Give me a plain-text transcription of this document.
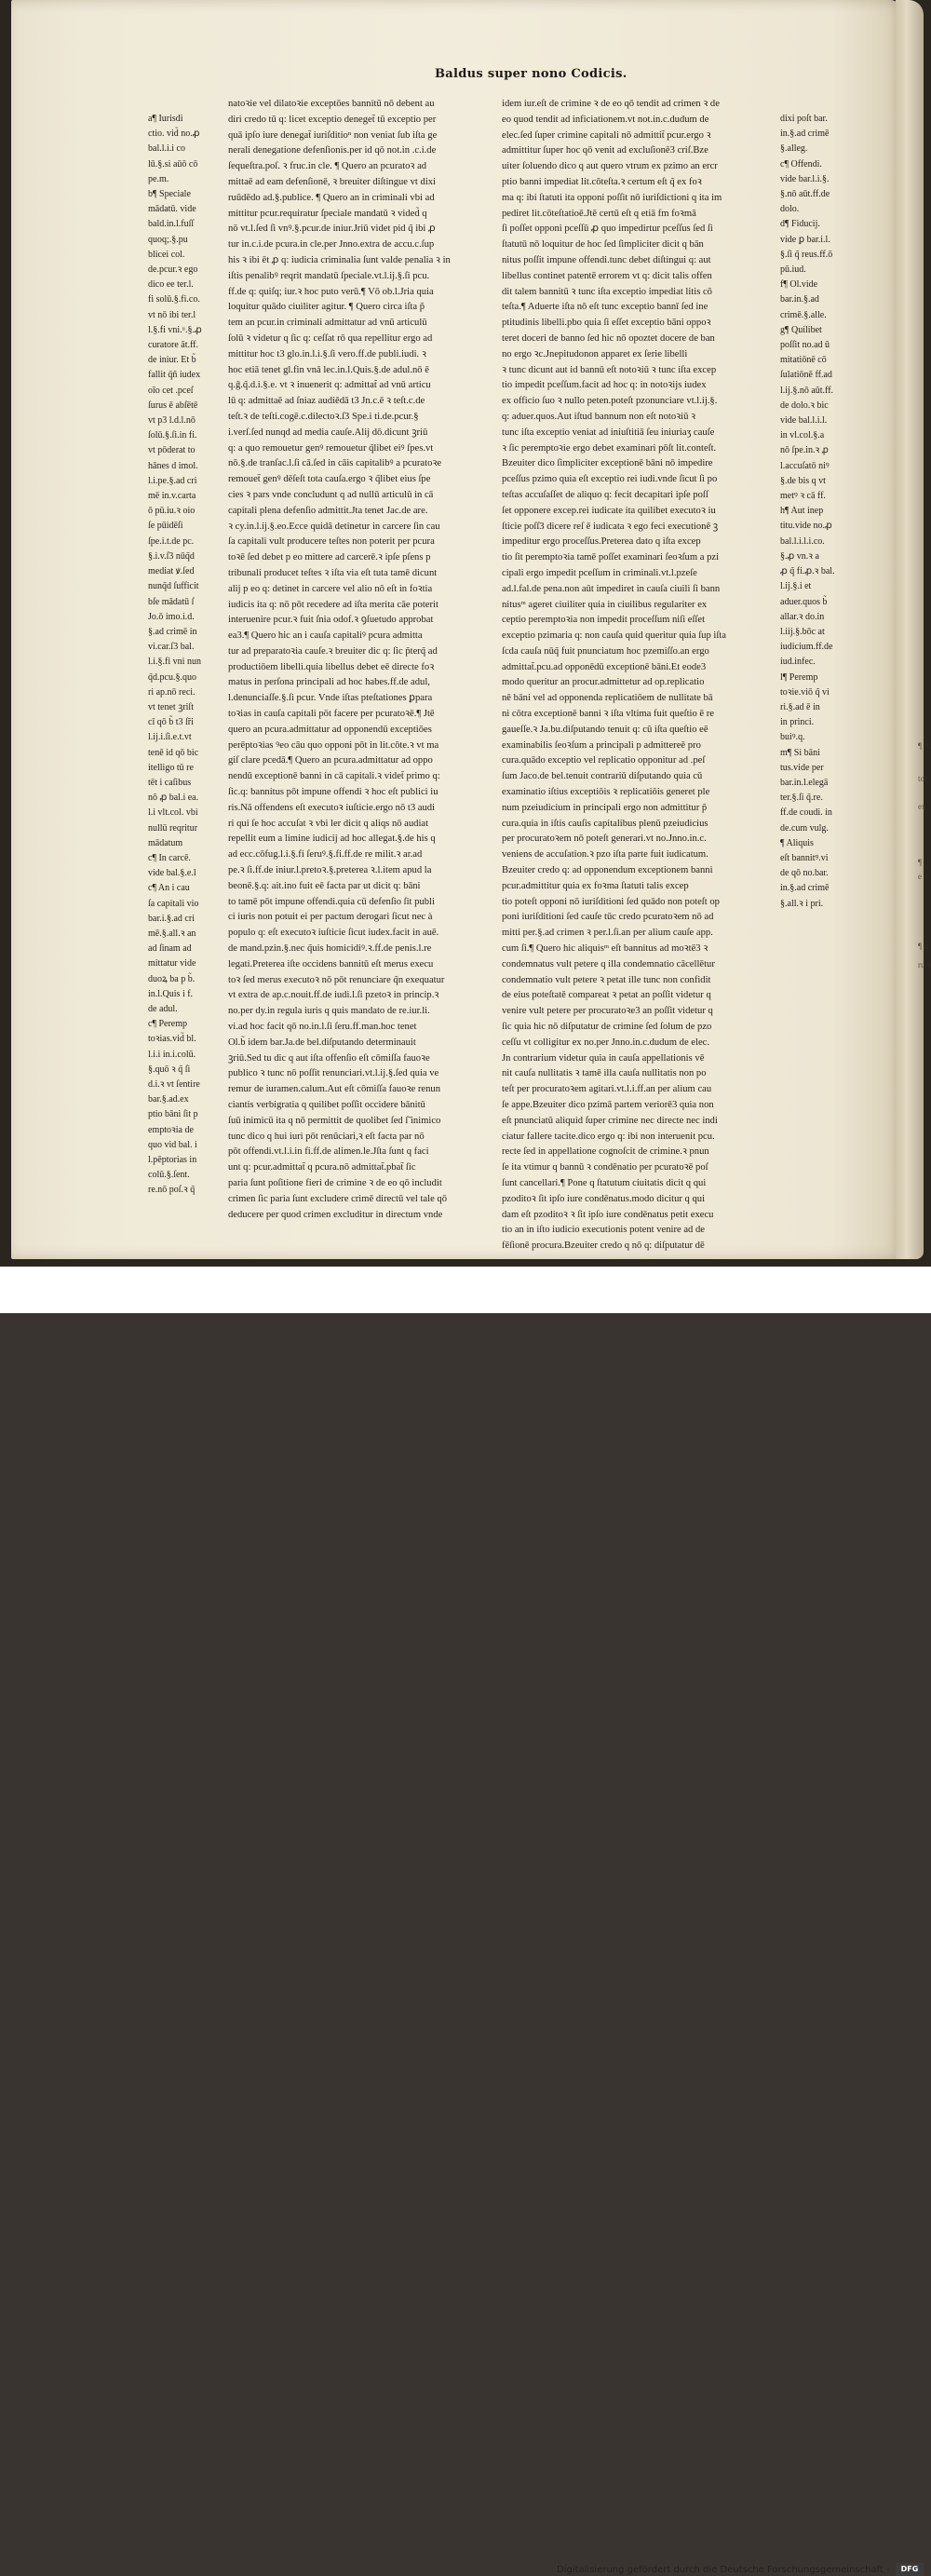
Baldus super nono Codicis.

a¶ Iurisdi

ctio. vid̃ no.ꝓ

bal.l.i.i co

lū.§.si aūō cō

pe.m.

b¶ Speciale

mādatū. vide

bald.in.l.fuſſ

quoq;.§.pu

blicei col.

de.pcur.ꝛ ego

dico ee ter.l.

fi solū.§.fi.co.

vt nō ibi ter.l

l.§.fi vni.ᵘ.§.ꝓ

curatore āt.ff.

de iniur. Et b̃

fallit q̄ñ iudex

oīo cet .pceſ

ſurus ē abſētē

vt p3 l.d.l.nō

ſolū.§.ſi.in fi.

vt pōderat to

hānes d imol.

l.i.pe.§.ad cri

mē in.v.carta

ō pū.iu.ꝛ oio

ſe pūidēſi

ſpe.i.t.de pc.

§.i.v.ſ3 nūq̃d

mediat ꝟ.ſed

nunq̃d ſufficit

bſe mādatū ſ

Jo.ō imo.i.d.

§.ad crimē in

vi.car.ſ3 bal.

l.i.§.fi vni nun

q̃d.pcu.§.quo

ri ap.nō reci.

vt tenet ꝫriſt

cī qō b̃ t3 ſ̃ri

l.ij.i.ſi.e.t.vt

tenē id qō bic

itelligo tū re

tēt i caſibus

nō ꝓ bal.i ea.

l.i vlt.col. vbi

nullū reqritur

mādatum

c¶ In carcē.

vide bal.§.e.l

c¶ An i cau

ſa capitali vio

bar.i.§.ad cri

mē.§.all.ꝛ an

ad ſinam ad

mittatur vide

duoꝝ ba p b̃.

in.l.Quis i f.

de adul.

c¶ Peremp

toꝛias.vid̃ bl.

l.i.i in.i.colū.

§.quō ꝛ q̃ ſi

d.i.ꝛ vt ſentire

bar.§.ad.ex

ptio bāni ſit p

emptoꝛia de

quo vid bal. i

l.pēptorias in

colū.§.ſent.

re.nō poſ.ꝛ q̃

natoꝛie vel dilatoꝛie exceptōes bannitū nō debent au

diri credo tū q: licet exceptio deneget̃ tū exceptio per

quā ipſo iure denegat̃ iuriſditioⁿ non veniat ſub iſta ge

nerali denegatione defenſionis.per id qō not.in .c.i.de

ſequeſtra.poſ. ꝛ fruc.in cle. ¶ Quero an pcuratoꝛ ad

mittaē ad eam defenſionē, ꝛ breuiter diſtingue vt dixi

ruūdēdo ad.§.publice. ¶ Quero an in criminali vbi ad

mittitur pcur.requiratur ſpeciale mandatū ꝛ vided̃ q

nō vt.l.ſed ſi vnꝰ.§.pcur.de iniur.Jriū videt pid q̃ ibi ꝓ

tur in.c.i.de pcura.in cle.per Jnno.extra de accu.c.ſup

his ꝛ ibi ēt ꝓ q: iudicia criminalia ſunt valde penalia ꝛ in

iſtis penalibꝰ reqrit mandatū ſpeciale.vt.l.ij.§.ſi pcu.

ff.de q: quiſq; iur.ꝛ hoc puto verū.¶ Vō ob.l.Jria quia

loquitur quādo ciuiliter agitur. ¶ Quero circa iſta p̃

tem an pcur.in criminali admittatur ad vnū articulū

ſolū ꝛ videtur q ſic q: ceſſat rō qua repellitur ergo ad

mittitur hoc t3 glo.in.l.i.§.ſi vero.ff.de publi.iudi. ꝛ

hoc etiā tenet gl.fin vnā lec.in.l.Quis.§.de adul.nō ē

q.ḡ.q̃.d.i.§.e. vt ꝛ inuenerit q: admittat̃ ad vnū articu

lū q: admittaē ad ſniaz audiēdā t3 Jn.c.ē ꝛ teſt.c.de

teſt.ꝛ de teſti.cogē.c.dilectoꝛ.ſ3 Spe.i ti.de.pcur.§

i.verſ.ſed nunqd ad media cauſe.Alij dō.dicunt ꝫriū

q: a quo remouetur genꝰ remouetur q̃libet eiꝰ ſpes.vt

nō.§.de tranſac.l.ſi cā.ſed in cāis capitalibꝰ a pcuratoꝛe

remouet̃ genꝰ dēſeſt tota cauſa.ergo ꝛ q̃libet eius ſpe

cies ꝛ pars vnde concludunt q ad nullū articulū in cā

capitali plena defenſio admittit.Jta tenet Jac.de are.

ꝛ cy.in.l.ij.§.eo.Ecce quidā detinetur in carcere ſin cau

ſa capitali vult producere teſtes non poterit per pcura

toꝛē ſed debet p eo mittere ad carcerē.ꝛ ipſe pſens p

tribunali producet teſtes ꝛ iſta via eſt tuta tamē dicunt

alij p eo q: detinet in carcere vel alio nō eſt in foꝛtia

iudicis ita q: nō pōt recedere ad iſta merita cāe poterit

interuenire pcur.ꝛ fuit ſnia odof.ꝛ ꝯſuetudo approbat

ea3.¶ Quero hic an i cauſa capitaliꝰ pcura admitta

tur ad preparatoꝛia cauſe.ꝛ breuiter dic q: ſic p̃terq̃ ad

productiōem libelli.quia libellus debet eē directe foꝛ

matus in perſona principali ad hoc habes.ff.de adul,

l.denunciaſſe.§.ſi pcur. Vnde iſtas pteſtationes ꝑpara

toꝛias in cauſa capitali pōt facere per pcuratoꝛē.¶ Jtē

quero an pcura.admittatur ad opponendū exceptiōes

perēptoꝛias ꝰeo cāu quo opponi pōt in lit.cōte.ꝛ vt ma

giſ clare pcedā.¶ Quero an pcura.admittatur ad oppo

nendū exceptionē banni in cā capitali.ꝛ videt̃ primo q:

ſic.q: bannitus pōt impune offendi ꝛ hoc eſt publici iu

ris.Nā offendens eſt executoꝛ iuſticie.ergo nō t3 audi

ri qui ſe hoc accuſat ꝛ vbi ler dicit q aliqs nō audiat

repellit eum a limine iudicij ad hoc allegat.§.de his q

ad ecc.cōfug.l.i.§.fi ſeruꝰ.§.fi.ff.de re milit.ꝛ ar.ad

pe.ꝛ ſi.ff.de iniur.l.pretoꝛ.§.preterea ꝛ.l.item apud la

beonē.§.q: ait.ino fuit eē facta par ut dicit q: bāni

to tamē pōt impune offendi.quia cū defenſio ſit publi

ci iuris non potuit ei per pactum derogari ſicut nec à

populo q: eſt executoꝛ iuſticie ſicut iudex.facit in auē.

de mand.pzin.§.nec q̃uis homicidiꝰ.ꝛ.ff.de penis.l.re

legati.Preterea iſte occidens bannitū eſt merus execu

toꝛ ſed merus executoꝛ nō pōt renunciare q̃n exequatur

vt extra de ap.c.nouit.ff.de iudi.l.ſi pzetoꝛ in princip.ꝛ

no.per dy.in regula iuris q quis mandato de re.iur.li.

vi.ad hoc facit qō no.in.l.ſi ſeru.ff.man.hoc tenet

Ol.b̃ idem bar.Ja.de bel.diſputando determinauit

ꝫriū.Sed tu dic q aut iſta offenſio eſt cōmiſſa fauoꝛe

publico ꝛ tunc nō poſſit renunciari.vt.l.ij.§.ſed quia ve

remur de iuramen.calum.Aut eſt cōmiſſa fauoꝛe renun

ciantis verbigratia q quilibet poſſit occidere bānitū

ſuū inimicū ita q nō permittit de quolibet ſed ſ̃ inimico

tunc dico q hui iuri pōt renūciari,ꝛ eſt facta par nō

pōt offendi.vt.l.i.in fi.ff.de alimen.le.Jſta ſunt q faci

unt q: pcur.admittat̃ q pcura.nō admittat̃.pbat̃ ſic

paria ſunt poſitione fieri de crimine ꝛ de eo qō includit

crimen ſic paria ſunt excludere crimē directū vel tale qō

deducere per quod crimen excluditur in directum vnde

idem iur.eſt de crimine ꝛ de eo qō tendit ad crimen ꝛ de

eo quod tendit ad inficiationem.vt not.in.c.dudum de

elec.ſed ſuper crimine capitali nō admittit̃ pcur.ergo ꝛ

admittitur ſuper hoc qō venit ad excluſionē3 criſ.Bze

uiter ſoluendo dico q aut quero vtrum ex pzimo an ercr

ptio banni impediat lit.cōteſta.ꝛ certum eſt q̃ ex foꝛ

ma q: ibi ſtatuti ita opponi poſſit nō iuriſdictioni q ita im

pediret lit.cōteſtatioē.Jtē certū eſt q etiā fm foꝛmā

ſi poſſet opponi pceſſū ꝓ quo impedirtur pceſſus ſed ſi

ſtatutū nō loquitur de hoc ſed ſimpliciter dicit q bān

nitus poſſit impune offendi.tunc debet diſtingui q: aut

libellus continet patentē errorem vt q: dicit talis offen

dit talem bannitū ꝛ tunc iſta exceptio impediat litis cō

teſta.¶ Aduerte iſta nō eſt tunc exceptio bannī ſed ine

ptitudinis libelli.pbo quia ſi eſſet exceptio bāni oppoꝛ

teret doceri de banno ſed hic nō opoztet docere de ban

no ergo ꝛc.Jnepitudonon apparet ex ſerie libelli

ꝛ tunc dicunt aut id bannū eſt notoꝛiū ꝛ tunc iſta excep

tio impedit pceſſum.facit ad hoc q: in notoꝛijs iudex

ex officio ſuo ꝛ nullo peten.poteſt pzonunciare vt.l.ij.§.

q: aduer.quos.Aut iſtud bannum non eſt notoꝛiū ꝛ

tunc iſta exceptio veniat ad iniuſtitiā ſeu iniuriaʒ cauſe

ꝛ ſic peremptoꝛie ergo debet examinari pōſt lit.conteſt.

Bzeuiter dico ſimpliciter exceptionē bāni nō impedire

pceſſus pzimo quia eſt exceptio rei iudi.vnde ſicut ſi po

teſtas accuſaſſet de aliquo q: fecit decapitari ipſe poſſ

ſet opponere excep.rei iudicate ita quilibet executoꝛ iu

ſticie poſſ3 dicere reſ ē iudicata ꝛ ego feci executionē ꝫ

impeditur ergo proceſſus.Preterea dato q iſta excep

tio ſit peremptoꝛia tamē poſſet examinari ſeoꝛſum a pzi

cipali ergo impedit pceſſum in criminali.vt.l.pzeſe

ad.l.fal.de pena.non aūt impediret in cauſa ciuili ſi bann

nitusᵐ ageret ciuiliter quia in ciuilibus regulariter ex

ceptio peremptoꝛia non impedit proceſſum niſi eſſet

exceptio pzimaria q: non cauſa quid queritur quia ſup iſta

ſcda cauſa nūq̃ fuit pnunciatum hoc pzemiſſo.an ergo

admittat̃.pcu.ad opponēdū exceptionē bāni.Et eode3

modo queritur an procur.admittetur ad op.replicatio

nē bāni vel ad opponenda replicatiōem de nullitate bā

ni cōtra exceptionē banni ꝛ iſta vltima fuit queſtio ē re

gaueſſe.ꝛ Ja.bu.diſputando tenuit q: cū iſta queſtio eē

examinabilis ſeoꝛſum a principali p admittereē pro

cura.quādo exceptio vel replicatio opponitur ad .peſ

ſum Jaco.de bel.tenuit contrariū diſputando quia cū

examinatio iſtius exceptiōis ꝛ replicatiōis generet ple

num pzeiudicium in principali ergo non admittitur p̃

cura.quia in iſtis cauſis capitalibus plenū pzeiudicius

per procuratoꝛem nō poteſt generari.vt no.Jnno.in.c.

veniens de accuſation.ꝛ pzo iſta parte fuit iudicatum.

Bzeuiter credo q: ad opponendum exceptionem banni

pcur.admittitur quia ex foꝛma ſtatuti talis excep

tio poteſt opponi nō iuriſditioni ſed quādo non poteſt op

poni iuriſditioni ſed cauſe tūc credo pcuratoꝛem nō ad

mitti per.§.ad crimen ꝛ per.l.ſi.an per alium cauſe app.

cum ſi.¶ Quero hic aliquisᵐ eſt bannitus ad moꝛtē3 ꝛ

condemnatus vult petere q illa condemnatio cācellētur

condemnatio vult petere ꝛ petat ille tunc non confidit

de eius poteſtatē compareat ꝛ petat an poſſit videtur q

venire vult petere per procuratoꝛe3 an poſſit videtur q

ſic quia hic nō diſputatur de crimine ſed ſolum de pzo

ceſſu vt colligitur ex no.per Jnno.in.c.dudum de elec.

Jn contrarium videtur quia in cauſa appellationis vē

nit cauſa nullitatis ꝛ tamē illa cauſa nullitatis non po

teſt per procuratoꝛem agitari.vt.l.i.ff.an per alium cau

ſe appe.Bzeuiter dico pzimā partem veriorē3 quia non

eſt pnunciatū aliquid ſuper crimine nec directe nec indi

ciatur fallere tacite.dico ergo q: ibi non interuenit pcu.

recte ſed in appellatione cognoſcit de crimine.ꝛ pnun

ſe ita vtimur q bannū ꝛ condēnatio per pcuratoꝛē poſ

ſunt cancellari.¶ Pone q ſtatutum ciuitatis dicit q qui

pzoditoꝛ ſit ipſo iure condēnatus.modo dicitur q qui

dam eſt pzoditoꝛ ꝛ ſit ipſo iure condēnatus petit execu

tio an in iſto iudicio executionis potent venire ad de

fēſionē procura.Bzeuiter credo q nō q: diſputatur dē

dixi poſt bar.

in.§.ad crimē

§.alleg.

c¶ Offendi.

vide bar.l.i.§.

§.nō aūt.ff.de

dolo.

d¶ Fiducij.

vide ꝑ bar.i.l.

§.ſi q̃ reus.ff.ō

pū.iud.

f¶ Ol.vide

bar.in.§.ad

crimē.§.alle.

g¶ Quilibet

poſſit no.ad ū

mitatiōnē cō

ſulatiōnē ff.ad

l.ij.§.nō aūt.ff.

de dolo.ꝛ bic

vide bal.l.i.l.

in vl.col.§.a

nō ſpe.in.ꝛ ꝓ

l.accuſatō niꝰ

§.de bis q vt

metꝰ ꝛ cā ff.

h¶ Aut inep

titu.vide no.ꝓ

bal.l.i.l.i.co.

§.ꝓ vn.ꝛ a

ꝓ q̃ fi.ꝓ.ꝛ bal.

l.ij.§.i et

aduer.quos b̃

allar.ꝛ do.in

l.iij.§.bōc at

iudicium.ff.de

iud.infec.

l¶ Peremp

toꝛie.viō q̃ vi

ri.§.ad ē in

in princi.

buiꝰ.q.

m¶ Si bāni

tus.vide per

bar.in.l.elegā

ter.§.ſi q̃.re.

ff.de coudi. in

de.cum vulg.

¶ Aliquis

eſt bannitꝰ.vi

de qō no.bar.

in.§.ad crimē

§.all.ꝛ i pri.

¶ rū
tor
ex
¶
e
¶ n
rum
Digitalisierung gefördert durch die Deutsche Forschungsgemeinschaft -	DFG
